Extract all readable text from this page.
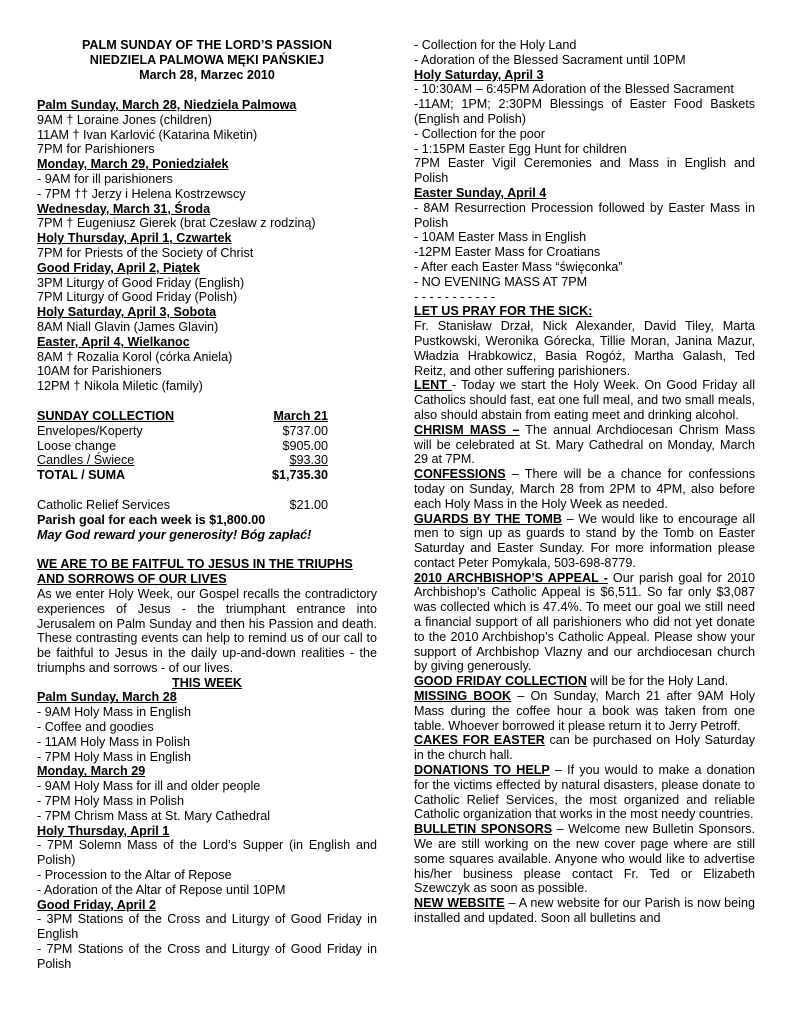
PALM SUNDAY OF THE LORD’S PASSION
NIEDZIELA PALMOWA MĘKI PAŃSKIEJ
March 28, Marzec 2010
Palm Sunday, March 28, Niedziela Palmowa
9AM † Loraine Jones (children)
11AM † Ivan Karlović (Katarina Miketin)
7PM for Parishioners
Monday, March 29, Poniedziałek
- 9AM for ill parishioners
- 7PM †† Jerzy i Helena Kostrzewscy
Wednesday, March 31, Środa
7PM † Eugeniusz Gierek (brat Czesław z rodziną)
Holy Thursday, April 1, Czwartek
7PM for Priests of the Society of Christ
Good Friday, April 2, Piątek
3PM Liturgy of Good Friday (English)
7PM Liturgy of Good Friday (Polish)
Holy Saturday, April 3, Sobota
8AM Niall Glavin (James Glavin)
Easter, April 4, Wielkanoc
8AM † Rozalia Korol (córka Aniela)
10AM for Parishioners
12PM † Nikola Miletic (family)
SUNDAY COLLECTION	March 21
Envelopes/Koperty	$737.00
Loose change	$905.00
Candles / Świece	$93.30
TOTAL / SUMA	$1,735.30
Catholic Relief Services	$21.00
Parish goal for each week is $1,800.00
May God reward your generosity! Bóg zapłać!
WE ARE TO BE FAITFUL TO JESUS IN THE TRIUPHS
AND SORROWS OF OUR LIVES
As we enter Holy Week, our Gospel recalls the contradictory experiences of Jesus - the triumphant entrance into Jerusalem on Palm Sunday and then his Passion and death. These contrasting events can help to remind us of our call to be faithful to Jesus in the daily up-and-down realities - the triumphs and sorrows - of our lives.
THIS WEEK
Palm Sunday, March 28
- 9AM Holy Mass in English
- Coffee and goodies
- 11AM Holy Mass in Polish
- 7PM Holy Mass in English
Monday, March 29
- 9AM Holy Mass for ill and older people
- 7PM Holy Mass in Polish
- 7PM Chrism Mass at St. Mary Cathedral
Holy Thursday, April 1
- 7PM Solemn Mass of the Lord’s Supper (in English and Polish)
- Procession to the Altar of Repose
- Adoration of the Altar of Repose until 10PM
Good Friday, April 2
- 3PM Stations of the Cross and Liturgy of Good Friday in English
- 7PM Stations of the Cross and Liturgy of Good Friday in Polish
- Collection for the Holy Land
- Adoration of the Blessed Sacrament until 10PM
Holy Saturday, April 3
- 10:30AM – 6:45PM Adoration of the Blessed Sacrament
-11AM; 1PM; 2:30PM Blessings of Easter Food Baskets (English and Polish)
- Collection for the poor
- 1:15PM Easter Egg Hunt for children
7PM Easter Vigil Ceremonies and Mass in English and Polish
Easter Sunday, April 4
- 8AM Resurrection Procession followed by Easter Mass in Polish
- 10AM Easter Mass in English
-12PM Easter Mass for Croatians
- After each Easter Mass “święconka”
- NO EVENING MASS AT 7PM
- - - - - - - - - - -
LET US PRAY FOR THE SICK:
Fr. Stanisław Drzał, Nick Alexander, David Tiley, Marta Pustkowski, Weronika Górecka, Tillie Moran, Janina Mazur, Władzia Hrabkowicz, Basia Rogóż, Martha Galash, Ted Reitz, and other suffering parishioners.
LENT - Today we start the Holy Week. On Good Friday all Catholics should fast, eat one full meal, and two small meals, also should abstain from eating meet and drinking alcohol.
CHRISM MASS – The annual Archdiocesan Chrism Mass will be celebrated at St. Mary Cathedral on Monday, March 29 at 7PM.
CONFESSIONS – There will be a chance for confessions today on Sunday, March 28 from 2PM to 4PM, also before each Holy Mass in the Holy Week as needed.
GUARDS BY THE TOMB – We would like to encourage all men to sign up as guards to stand by the Tomb on Easter Saturday and Easter Sunday. For more information please contact Peter Pomykala, 503-698-8779.
2010 ARCHBISHOP’S APPEAL - Our parish goal for 2010 Archbishop's Catholic Appeal is $6,511. So far only $3,087 was collected which is 47.4%. To meet our goal we still need a financial support of all parishioners who did not yet donate to the 2010 Archbishop’s Catholic Appeal. Please show your support of Archbishop Vlazny and our archdiocesan church by giving generously.
GOOD FRIDAY COLLECTION will be for the Holy Land.
MISSING BOOK – On Sunday, March 21 after 9AM Holy Mass during the coffee hour a book was taken from one table. Whoever borrowed it please return it to Jerry Petroff.
CAKES FOR EASTER can be purchased on Holy Saturday in the church hall.
DONATIONS TO HELP – If you would to make a donation for the victims effected by natural disasters, please donate to Catholic Relief Services, the most organized and reliable Catholic organization that works in the most needy countries.
BULLETIN SPONSORS – Welcome new Bulletin Sponsors. We are still working on the new cover page where are still some squares available. Anyone who would like to advertise his/her business please contact Fr. Ted or Elizabeth Szewczyk as soon as possible.
NEW WEBSITE – A new website for our Parish is now being installed and updated. Soon all bulletins and
